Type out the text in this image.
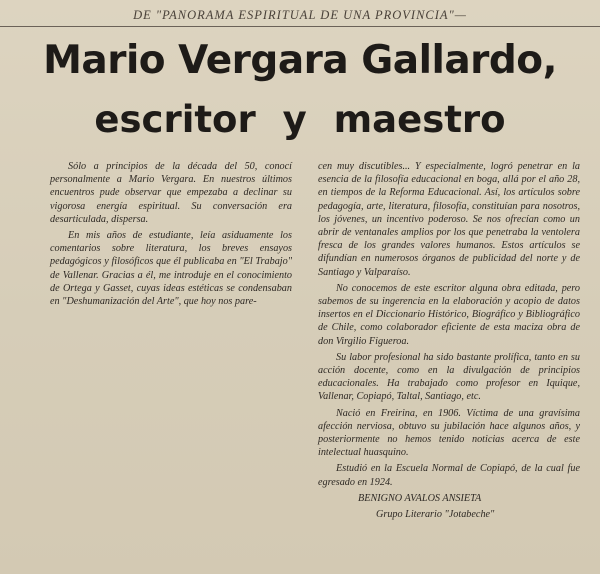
DE "PANORAMA ESPIRITUAL DE UNA PROVINCIA"—
Mario Vergara Gallardo,
escritor y maestro

Sólo a principios de la década del 50, conocí personalmente a Mario Vergara. En nuestros últimos encuentros pude observar que empezaba a declinar su vigorosa energía espiritual. Su conversación era desarticulada, dispersa.

En mis años de estudiante, leía asiduamente los comentarios sobre literatura, los breves ensayos pedagógicos y filosóficos que él publicaba en "El Trabajo" de Vallenar. Gracias a él, me introduje en el conocimiento de Ortega y Gasset, cuyas ideas estéticas se condensaban en "Deshumanización del Arte", que hoy nos pare-

cen muy discutibles... Y especialmente, logró penetrar en la esencia de la filosofía educacional en boga, allá por el año 28, en tiempos de la Reforma Educacional. Así, los artículos sobre pedagogía, arte, literatura, filosofía, constituían para nosotros, los jóvenes, un incentivo poderoso. Se nos ofrecían como un abrir de ventanales amplios por los que penetraba la ventolera fresca de los grandes valores humanos. Estos artículos se difundían en numerosos órganos de publicidad del norte y de Santiago y Valparaíso.

No conocemos de este escritor alguna obra editada, pero sabemos de su ingerencia en la elaboración y acopio de datos insertos en el Diccionario Histórico, Biográfico y Bibliográfico de Chile, como colaborador eficiente de esta maciza obra de don Virgilio Figueroa.

Su labor profesional ha sido bastante prolífica, tanto en su acción docente, como en la divulgación de principios educacionales. Ha trabajado como profesor en Iquique, Vallenar, Copiapó, Taltal, Santiago, etc.

Nació en Freirina, en 1906. Víctima de una gravísima afección nerviosa, obtuvo su jubilación hace algunos años, y posteriormente no hemos tenido noticias acerca de este intelectual huasquino.

Estudió en la Escuela Normal de Copiapó, de la cual fue egresado en 1924.

BENIGNO AVALOS ANSIETA

Grupo Literario "Jotabeche"
